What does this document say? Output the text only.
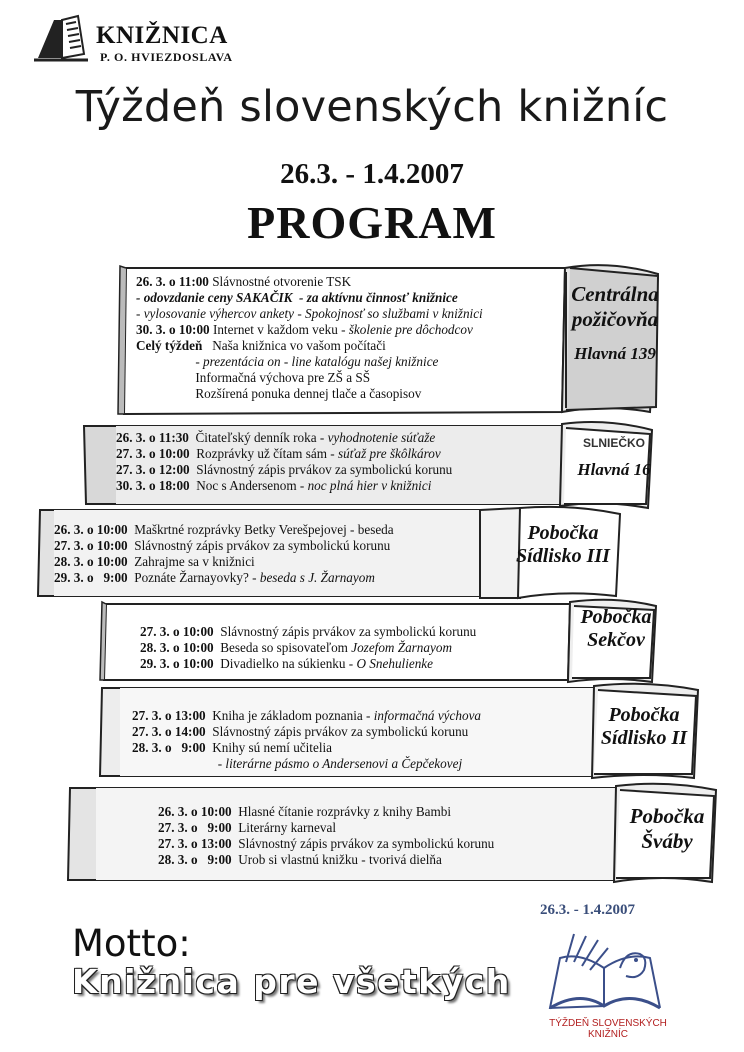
KNIŽNICA
P. O. HVIEZDOSLAVA
Týždeň slovenských knižníc
26.3. - 1.4.2007
PROGRAM
Centrálna
požičovňa
Hlavná 139
26. 3. o 11:00 Slávnostné otvorenie TSK
- odovzdanie ceny SAKAČIK  - za aktívnu činnosť knižnice
- vylosovanie výhercov ankety - Spokojnosť so službami v knižnici
30. 3. o 10:00 Internet v každom veku - školenie pre dôchodcov
Celý týždeň   Naša knižnica vo vašom počítači
- prezentácia on - line katalógu našej knižnice
Informačná výchova pre ZŠ a SŠ
Rozšírená ponuka dennej tlače a časopisov
SLNIEČKO
Hlavná 16
26. 3. o 11:30  Čitateľský denník roka - vyhodnotenie súťaže
27. 3. o 10:00  Rozprávky už čítam sám - súťaž pre škôlkárov
27. 3. o 12:00  Slávnostný zápis prvákov za symbolickú korunu
30. 3. o 18:00  Noc s Andersenom - noc plná hier v knižnici
Pobočka
Sídlisko III
26. 3. o 10:00  Maškrtné rozprávky Betky Verešpejovej - beseda
27. 3. o 10:00  Slávnostný zápis prvákov za symbolickú korunu
28. 3. o 10:00  Zahrajme sa v knižnici
29. 3. o   9:00  Poznáte Žarnayovky? - beseda s J. Žarnayom
Pobočka
Sekčov
27. 3. o 10:00  Slávnostný zápis prvákov za symbolickú korunu
28. 3. o 10:00  Beseda so spisovateľom Jozefom Žarnayom
29. 3. o 10:00  Divadielko na súkienku - O Snehulienke
Pobočka
Sídlisko II
27. 3. o 13:00  Kniha je základom poznania - informačná výchova
27. 3. o 14:00  Slávnostný zápis prvákov za symbolickú korunu
28. 3. o   9:00  Knihy sú nemí učitelia
- literárne pásmo o Andersenovi a Čepčekovej
Pobočka
Šváby
26. 3. o 10:00  Hlasné čítanie rozprávky z knihy Bambi
27. 3. o   9:00  Literárny karneval
27. 3. o 13:00  Slávnostný zápis prvákov za symbolickú korunu
28. 3. o   9:00  Urob si vlastnú knižku - tvorivá dielňa
26.3. - 1.4.2007
Motto:
Knižnica pre všetkých
TÝŽDEŇ SLOVENSKÝCH
KNIŽNÍC
